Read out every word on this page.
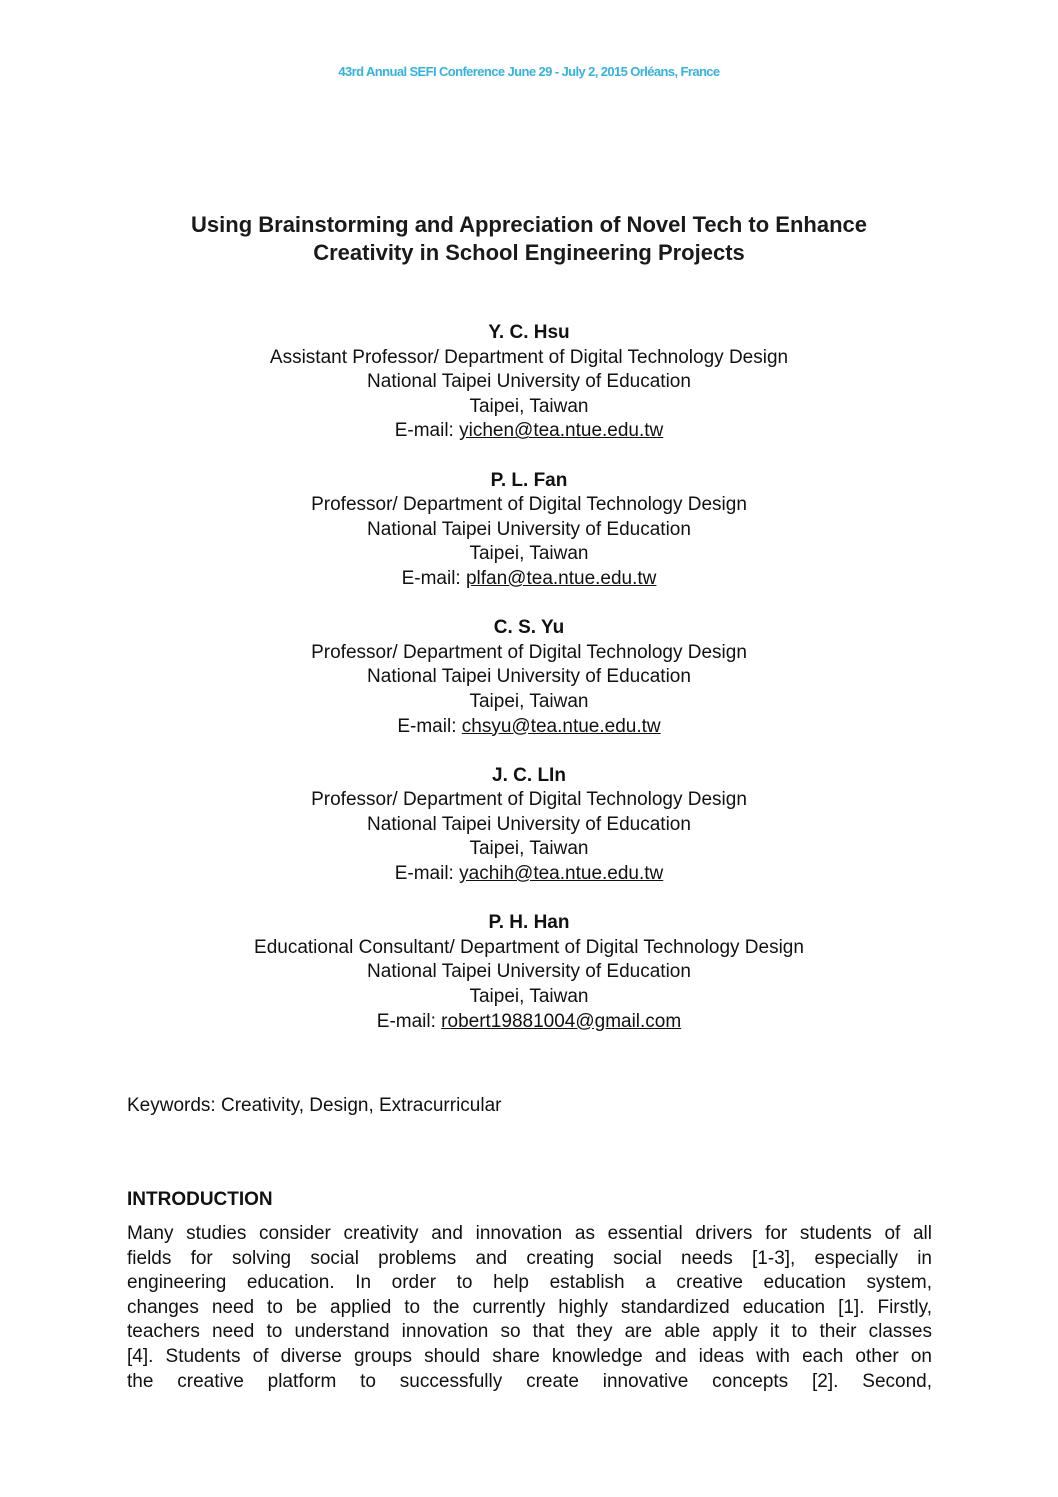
43rd Annual SEFI Conference June 29 - July 2, 2015 Orléans, France
Using Brainstorming and Appreciation of Novel Tech to Enhance
Creativity in School Engineering Projects
Y. C. Hsu
Assistant Professor/ Department of Digital Technology Design
National Taipei University of Education
Taipei, Taiwan
E-mail: yichen@tea.ntue.edu.tw
P. L. Fan
Professor/ Department of Digital Technology Design
National Taipei University of Education
Taipei, Taiwan
E-mail: plfan@tea.ntue.edu.tw
C. S. Yu
Professor/ Department of Digital Technology Design
National Taipei University of Education
Taipei, Taiwan
E-mail: chsyu@tea.ntue.edu.tw
J. C. LIn
Professor/ Department of Digital Technology Design
National Taipei University of Education
Taipei, Taiwan
E-mail: yachih@tea.ntue.edu.tw
P. H. Han
Educational Consultant/ Department of Digital Technology Design
National Taipei University of Education
Taipei, Taiwan
E-mail: robert19881004@gmail.com
Keywords: Creativity, Design, Extracurricular
INTRODUCTION
Many studies consider creativity and innovation as essential drivers for students of all
fields for solving social problems and creating social needs [1-3], especially in
engineering education. In order to help establish a creative education system,
changes need to be applied to the currently highly standardized education [1]. Firstly,
teachers need to understand innovation so that they are able apply it to their classes
[4]. Students of diverse groups should share knowledge and ideas with each other on
the creative platform to successfully create innovative concepts [2]. Second,
